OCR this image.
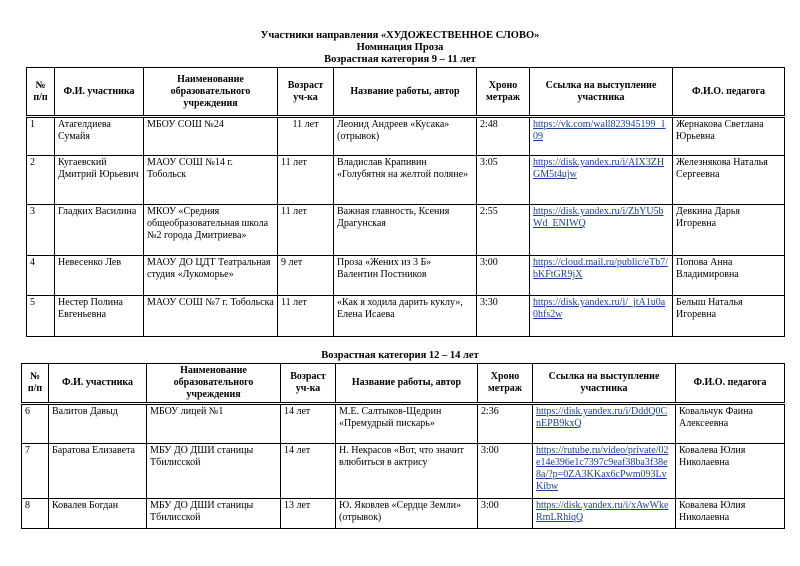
Участники направления «ХУДОЖЕСТВЕННОЕ СЛОВО»
Номинация Проза
Возрастная категория 9 – 11 лет
№ п/п	Ф.И. участника	Наименование образовательного учреждения	Возраст уч-ка	Название работы, автор	Хроно метраж	Ссылка на выступление участника	Ф.И.О. педагога
1	Атагелдиева Сумайя	МБОУ СОШ №24	11 лет	Леонид Андреев «Кусака» (отрывок)	2:48	https://vk.com/wall823945199_109	Жернакова Светлана Юрьевна
2	Кугаевский Дмитрий Юрьевич	МАОУ СОШ №14 г. Тобольск	11 лет	Владислав Крапивин «Голубятня на желтой поляне»	3:05	https://disk.yandex.ru/i/AIX3ZHGM5t4ujw	Железнякова Наталья Сергеевна
3	Гладких Василина	МКОУ «Средняя общеобразовательная школа №2 города Дмитриева»	11 лет	Важная главность, Ксения Драгунская	2:55	https://disk.yandex.ru/i/ZhYU5bWd_ENIWQ	Девкина Дарья Игоревна
4	Невесенко Лев	МАОУ ДО ЦДТ Театральная студия «Лукоморье»	9 лет	Проза «Жених из 3 Б» Валентин Постников	3:00	https://cloud.mail.ru/public/eTb7/bKFtGR9jX	Попова Анна Владимировна
5	Нестер Полина Евгеньевна	МАОУ СОШ №7 г. Тобольска	11 лет	«Как я ходила дарить куклу», Елена Исаева	3:30	https://disk.yandex.ru/i/_jtA1u0a0hfs2w	Белыш Наталья Игоревна
Возрастная категория 12 – 14 лет
№ п/п	Ф.И. участника	Наименование образовательного учреждения	Возраст уч-ка	Название работы, автор	Хроно метраж	Ссылка на выступление участника	Ф.И.О. педагога
6	Валитов Давыд	МБОУ лицей №1	14 лет	М.Е. Салтыков-Щедрин «Премудрый пискарь»	2:36	https://disk.yandex.ru/i/DddQ0CnEPB9kxQ	Ковальчук Фаина Алексеевна
7	Баратова Елизавета	МБУ ДО ДШИ станицы Тбилисской	14 лет	Н. Некрасов «Вот, что значит влюбиться в актрису	3:00	https://rutube.ru/video/private/02e14e396e1c7397c9eaf38ba3f38e8a/?p=0ZA3KKax6cPwm093LvKibw	Ковалева Юлия Николаевна
8	Ковалев Богдан	МБУ ДО ДШИ станицы Тбилисской	13 лет	Ю. Яковлев «Сердце Земли» (отрывок)	3:00	https://disk.yandex.ru/i/xAwWkeRmLRhiqQ	Ковалева Юлия Николаевна
